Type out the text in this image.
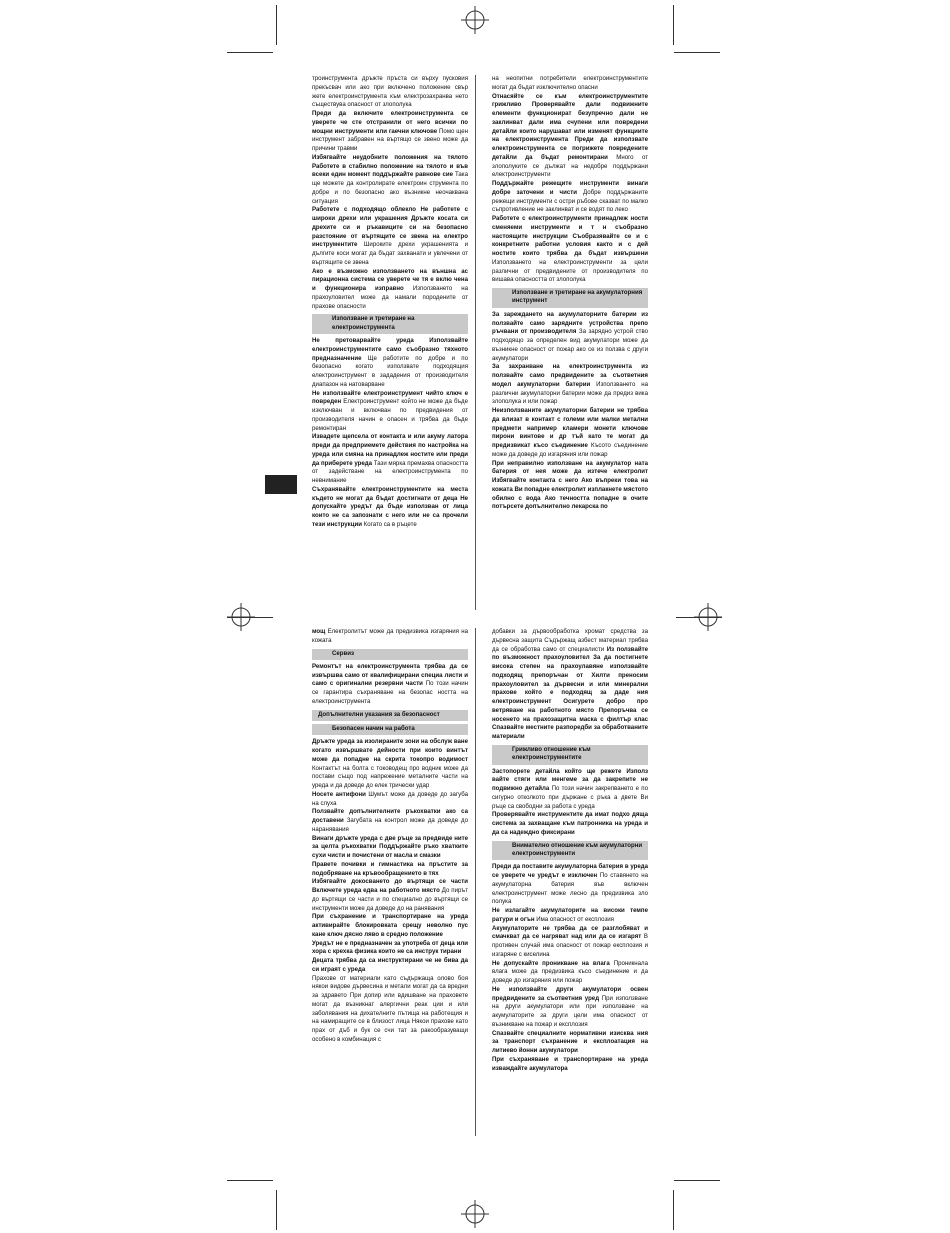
троинструмента дръжте пръста си върху пусковия прекъсвач или ако при включено положение свър жете електроинструмента към електрозахранва нето съществува опасност от злополука

Преди да включите електроинструмента се уверете че сте отстранили от него всички по мощни инструменти или гаечни ключове Помо щен инструмент забравен на въртящо се звено може да причини травми

Избягвайте неудобните положения на тялото Работете в стабилно положение на тялото и във всеки един момент поддържайте равнове сие Така ще можете да контролирате електроин струмента по добре и по безопасно ако възникне неочаквана ситуация

Работете с подходящо облекло Не работете с широки дрехи или украшения Дръжте косата си дрехите си и ръкавиците си на безопасно разстояние от въртящите се звена на електро инструментите Широките дрехи украшенията и дългите коси могат да бъдат захванати и увлечени от въртящите се звена

Ако е възможно използването на външна ас пирационна система се уверете че тя е вклю чена и функционира изправно Използването на прахоуловител може да намали породените от прахове опасности

Използване и третиране на електроинструмента

Не претоварвайте уреда Използвайте електроинструментите само съобразно тяхното предназначение Ще работите по добре и по безопасно когато използвате подходящия електроинструмент в зададения от производителя диапазон на натоварване

Не използвайте електроинструмент чийто ключ е повреден Електроинструмент който не може да бъде изключван и включван по предвидения от производителя начин е опасен и трябва да бъде ремонтиран

Извадете щепсела от контакта и или акуму латора преди да предприемете действия по настройка на уреда или смяна на принадлеж ностите или преди да приберете уреда Тази мярка премахва опасността от задействане на електроинструмента по невнимание

Съхранявайте електроинструментите на места където не могат да бъдат достигнати от деца Не допускайте уредът да бъде използван от лица които не са запознати с него или не са прочели тези инструкции Когато са в ръцете

на неопитни потребители електроинструментите могат да бъдат изключително опасни

Отнасяйте се към електроинструментите грижливо Проверявайте дали подвижните елементи функционират безупречно дали не заклинват дали има счупени или повредени детайли които нарушават или изменят функциите на електроинструмента Преди да използвате електроинструмента се погрижете повредените детайли да бъдат ремонтирани Много от злополуките се дължат на недобре поддържани електроинструменти

Поддържайте режещите инструменти винаги добре заточени и чисти Добре поддържаните режещи инструменти с остри ръбове сказват по малко съпротивление не заклинват и се водят по леко

Работете с електроинструменти принадлеж ности сменяеми инструменти и т н съобразно настоящите инструкции Съобразявайте се и с конкретните работни условия както и с дей ностите които трябва да бъдат извършени Използването на електроинструменти за цели различни от предвидените от производителя по вишава опасността от злополука

Използване и третиране на акумулаторния инструмент

За зареждането на акумулаторните батерии из ползвайте само зарядните устройства препо ръчвани от производителя За зарядно устрой ство подходящо за определен вид акумулатори може да възникне опасност от пожар ако се из ползва с други акумулатори

За захранване на електроинструмента из ползвайте само предвидените за съответния модел акумулаторни батерии Използването на различни акумулаторни батерии може да предиз вика злополука и или пожар

Неизползваните акумулаторни батерии не трябва да влизат в контакт с големи или малки метални предмети например кламери монети ключове пирони винтове и др тъй като те могат да предизвикат късо съединение Късото съединение може да доведе до изгаряния или пожар

При неправилно използване на акумулатор ната батерия от нея може да изтече електролит Избягвайте контакта с него Ако въпреки това на кожата Ви попадне електролит изплакнете мястото обилно с вода Ако течността попадне в очите потърсете допълнително лекарска по

мощ Електролитът може да предизвика изгаряния на кожата

Сервиз

Ремонтът на електроинструмента трябва да се извършва само от квалифицирани специа листи и само с оригинални резервни части По този начин се гарантира съхраняване на безопас ността на електроинструмента

Допълнителни указания за безопасност
Безопасен начин на работа

Дръжте уреда за изолираните зони на обслуж ване когато извършвате дейности при които винтът може да попадне на скрита токопро водимост Контактът на болта с тоководещ про водник може да постави също под напрежение металните части на уреда и да доведе до елек трически удар

Носете антифони Шумът може да доведе до загуба на слуха

Ползвайте допълнителните ръкохватки ако са доставени Загубата на контрол може да доведе до наранявания

Винаги дръжте уреда с две ръце за предвиде ните за целта ръкохватки Поддържайте ръко хватките сухи чисти и почистени от масла и смазки

Правете почивки и гимнастика на пръстите за подобряване на кръвообращението в тях

Избягвайте докосването до въртящи се части Включете уреда едва на работното място До пирът до въртящи се части и по специално до въртящи се инструменти може да доведе до на ранявания

При съхранение и транспортиране на уреда активирайте блокировката срещу неволно пус кане ключ дясно ляво в средно положение

Уредът не е предназначен за употреба от деца или хора с крехка физика които не са инструк тирани

Децата трябва да са инструктирани че не бива да си играят с уреда

Праховe от материали като съдържаща олово боя някои видове дървесина и метали могат да са вредни за здравето При допир или вдишване на праховете могат да възникнат алергични реак ции и или заболявания на дихателните пътища на работещия и на намиращите се в близост лица Някои прахове като прах от дъб и бук се счи тат за ракообразуващи особено в комбинация с

добавки за дървообработка хромат средства за дървесна защита Съдържащ азбест материал трябва да се обработва само от специалисти Из ползвайте по възможност прахоуловител За да постигнете висока степен на прахоулавяне използвайте подходящ препоръчан от Хилти преносим прахоуловител за дървесни и или минерални прахове който е подходящ за дадe ния електроинструмент Осигурете добро про ветряване на работното място Препоръчва се носенето на прахозащитна маска с филтър клас Спазвайте местните разпоредби за обработваните материали

Грижливо отношение към електроинструментите

Застопорете детайла който ще режете Използ вайте стяги или менгеме за да закрепите не подвижно детайла По този начин закрепването е по сигурно отколкото при държане с ръка а двете Ви ръце са свободни за работа с уреда

Проверявайте инструментите да имат подхо дяща система за захващане към патронника на уреда и да са надеждно фиксирани

Внимателно отношение към акумулаторни електроинструменти

Преди да поставите акумулаторна батерия в уреда се уверете че уредът е изключен По ставянето на акумулаторна батерия във включен електроинструмент може лесно да предизвика зло полука

Не излагайте акумулаторите на високи темпе ратури и огън Има опасност от експлозия

Акумулаторите не трябва да се разглобяват и смачкват да се нагряват над или да се изгарят В противен случай има опасност от пожар експлозия и изгаряне с киселина

Не допускайте проникване на влага Проникнала влага може да предизвика късо съединение и да доведе до изгаряния или пожар

Не използвайте други акумулатори освен предвидените за съответния уред При използване на други акумулатори или при използване на акумулаторите за други цели има опасност от възникване на пожар и експлозия

Спазвайте специалните нормативни изисква ния за транспорт съхранение и експлоатация на литиево йонни акумулатори

При съхраняване и транспортиране на уреда изваждайте акумулатора
